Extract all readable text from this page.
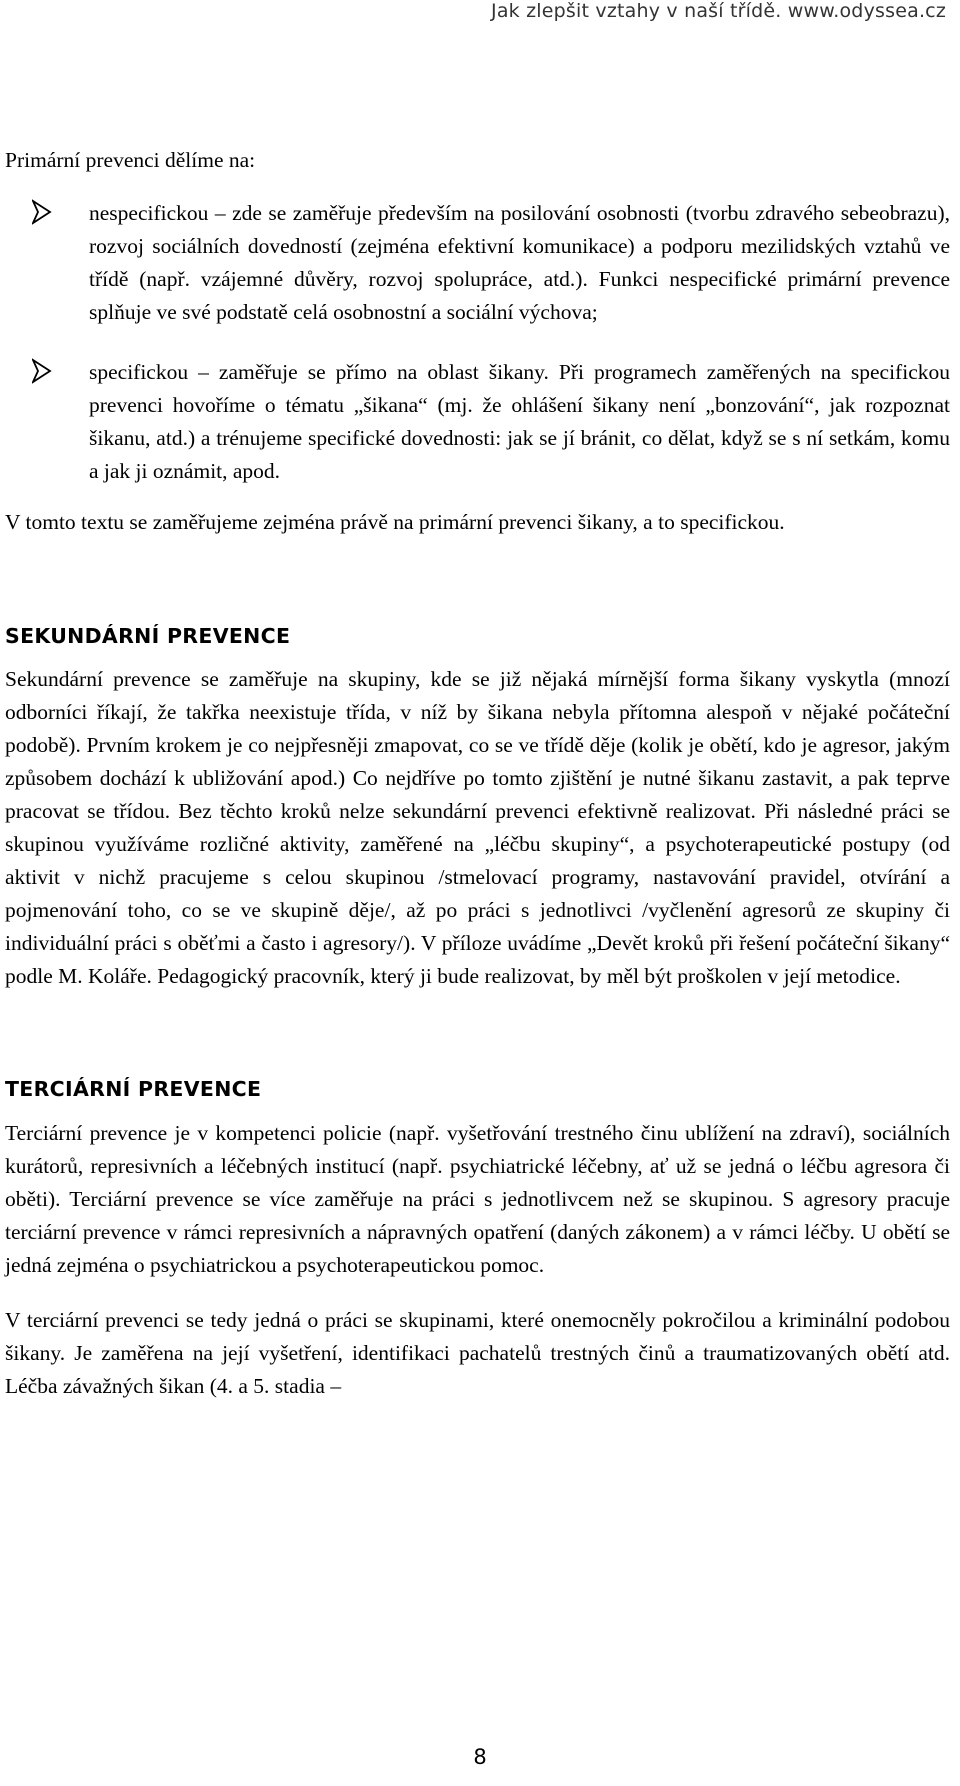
Jak zlepšit vztahy v naší třídě. www.odyssea.cz

Primární prevenci dělíme na:

nespecifickou – zde se zaměřuje především na posilování osobnosti (tvorbu zdravého sebeobrazu), rozvoj sociálních dovedností (zejména efektivní komunikace) a podporu mezilidských vztahů ve třídě (např. vzájemné důvěry, rozvoj spolupráce, atd.). Funkci nespecifické primární prevence splňuje ve své podstatě celá osobnostní a sociální výchova;

specifickou – zaměřuje se přímo na oblast šikany. Při programech zaměřených na specifickou prevenci hovoříme o tématu „šikana“ (mj. že ohlášení šikany není „bonzování“, jak rozpoznat šikanu, atd.) a trénujeme specifické dovednosti: jak se jí bránit, co dělat, když se s ní setkám, komu a jak ji oznámit, apod.

V tomto textu se zaměřujeme zejména právě na primární prevenci šikany, a to specifickou.

SEKUNDÁRNÍ PREVENCE

Sekundární prevence se zaměřuje na skupiny, kde se již nějaká mírnější forma šikany vyskytla (mnozí odborníci říkají, že takřka neexistuje třída, v níž by šikana nebyla přítomna alespoň v nějaké počáteční podobě). Prvním krokem je co nejpřesněji zmapovat, co se ve třídě děje (kolik je obětí, kdo je agresor, jakým způsobem dochází k ubližování apod.) Co nejdříve po tomto zjištění je nutné šikanu zastavit, a pak teprve pracovat se třídou. Bez těchto kroků nelze sekundární prevenci efektivně realizovat. Při následné práci se skupinou využíváme rozličné aktivity, zaměřené na „léčbu skupiny“, a psychoterapeutické postupy (od aktivit v nichž pracujeme s celou skupinou /stmelovací programy, nastavování pravidel, otvírání a pojmenování toho, co se ve skupině děje/, až po práci s jednotlivci /vyčlenění agresorů ze skupiny či individuální práci s oběťmi a často i agresory/). V příloze uvádíme „Devět kroků při řešení počáteční šikany“ podle M. Koláře. Pedagogický pracovník, který ji bude realizovat, by měl být proškolen v její metodice.

TERCIÁRNÍ PREVENCE

Terciární prevence je v kompetenci policie (např. vyšetřování trestného činu ublížení na zdraví), sociálních kurátorů, represivních a léčebných institucí (např. psychiatrické léčebny, ať už se jedná o léčbu agresora či oběti). Terciární prevence se více zaměřuje na práci s jednotlivcem než se skupinou. S agresory pracuje terciární prevence v rámci represivních a nápravných opatření (daných zákonem) a v rámci léčby. U obětí se jedná zejména o psychiatrickou a psychoterapeutickou pomoc.

V terciární prevenci se tedy jedná o práci se skupinami, které onemocněly pokročilou a kriminální podobou šikany. Je zaměřena na její vyšetření, identifikaci pachatelů trestných činů a traumatizovaných obětí atd. Léčba závažných šikan (4. a 5. stadia –

8
